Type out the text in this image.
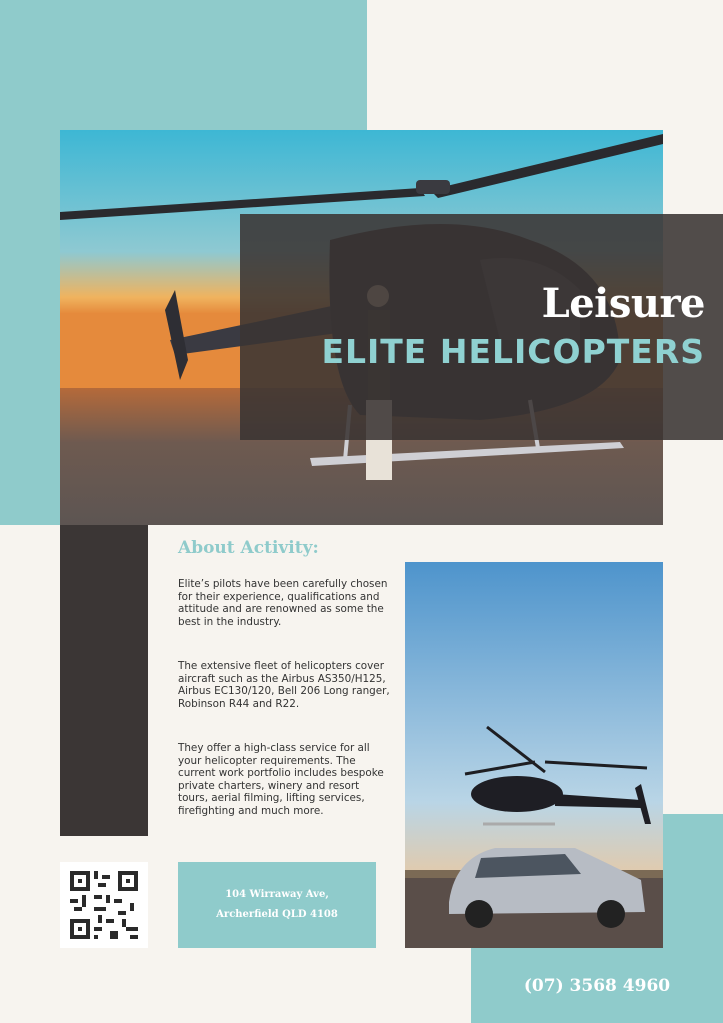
Leisure
ELITE HELICOPTERS
About Activity:
Elite’s pilots have been carefully chosen for their experience, qualifications and attitude and are renowned as some the best in the industry.
The extensive fleet of helicopters cover aircraft such as the Airbus AS350/H125, Airbus EC130/120, Bell 206 Long ranger, Robinson R44 and R22.
They offer a high-class service for all your helicopter requirements. The current work portfolio includes bespoke private charters, winery and resort tours, aerial filming, lifting services, firefighting and much more.
104 Wirraway Ave,
Archerfield QLD 4108
(07) 3568 4960
